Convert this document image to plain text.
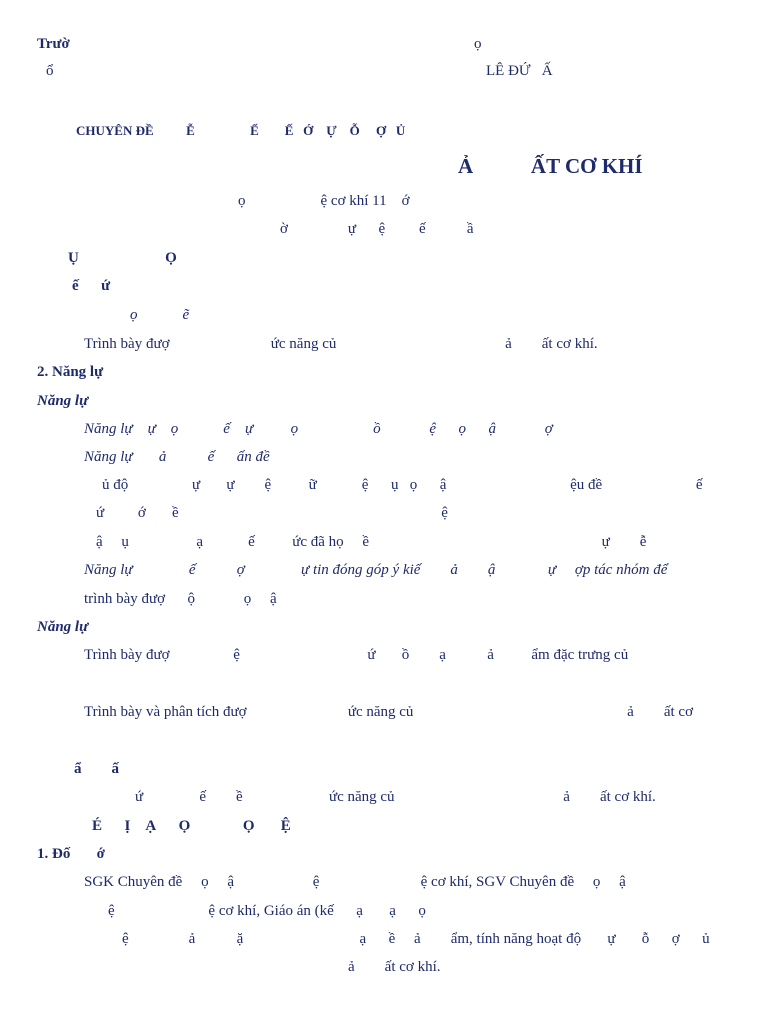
Trườ	ọ
ổ	LÊ ĐỨ   Ấ
CHUYÊN ĐỀ          Ễ                 Ế        Ế   Ớ    Ự    Ỗ     Ợ   Ủ
Ả           ẤT CƠ KHÍ
ọ                    ệ cơ khí 11    ớ
ờ                ự      ệ         ế           ầ
Ụ                       Ọ
ế      ứ
ọ            ẽ
Trình bày đượ                           ức năng củ                                             ả        ất cơ khí.
2. Năng lự
Năng lự
Năng lự    ự    ọ            ế    ự          ọ                    ồ             ệ      ọ      ậ             ợ
Năng lự       ả           ế      ấn đề
ủ độ                 ự       ự        ệ          ữ            ệ      ụ   ọ      ậ                                 ệu đề                         ế
ứ         ớ       ề                                                                      ệ
ậ     ụ                  ạ            ế          ức đã họ     ề                                                              ự        ễ
Năng lự               ế           ợ               ự tin đóng góp ý kiế        ả        ậ              ự     ợp tác nhóm để
trình bày đượ      ộ             ọ     ậ
Năng lự
Trình bày đượ                 ệ                                  ứ       ồ        ạ           ả          ẩm đặc trưng củ
Trình bày và phân tích đượ                           ức năng củ                                                         ả        ất cơ
ẩ        ấ
ứ               ế        ề                       ức năng củ                                             ả        ất cơ khí.
É      Ị    Ạ      Ọ              Ọ       Ệ
1. Đố       ớ
SGK Chuyên đề     ọ     ậ                     ệ                           ệ cơ khí, SGV Chuyên đề     ọ     ậ
ệ                         ệ cơ khí, Giáo án (kế      ạ       ạ      ọ
ệ                ả           ặ                               ạ      ề     ả        ẩm, tính năng hoạt độ       ự       ỗ      ợ      ủ
ả        ất cơ khí.
